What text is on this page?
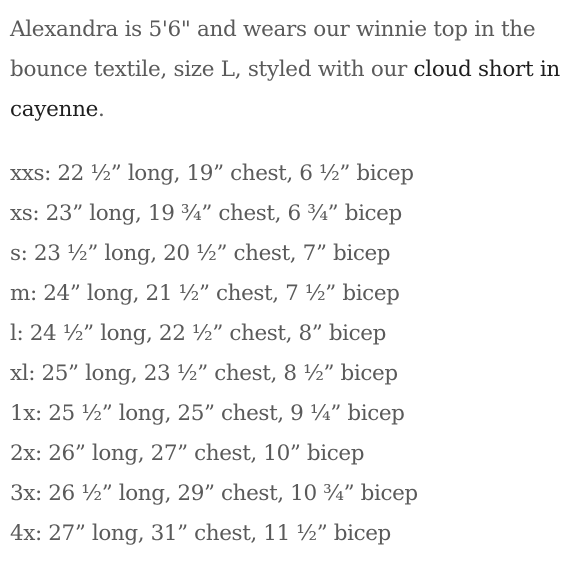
Alexandra is 5'6" and wears our winnie top in the bounce textile, size L, styled with our cloud short in cayenne.

xxs: 22 ½” long, 19” chest, 6 ½” bicep
xs: 23” long, 19 ¾” chest, 6 ¾” bicep
s: 23 ½” long, 20 ½” chest, 7” bicep
m: 24” long, 21 ½” chest, 7 ½” bicep
l: 24 ½” long, 22 ½” chest, 8” bicep
xl: 25” long, 23 ½” chest, 8 ½” bicep
1x: 25 ½” long, 25” chest, 9 ¼” bicep
2x: 26” long, 27” chest, 10” bicep
3x: 26 ½” long, 29” chest, 10 ¾” bicep
4x: 27” long, 31” chest, 11 ½” bicep
